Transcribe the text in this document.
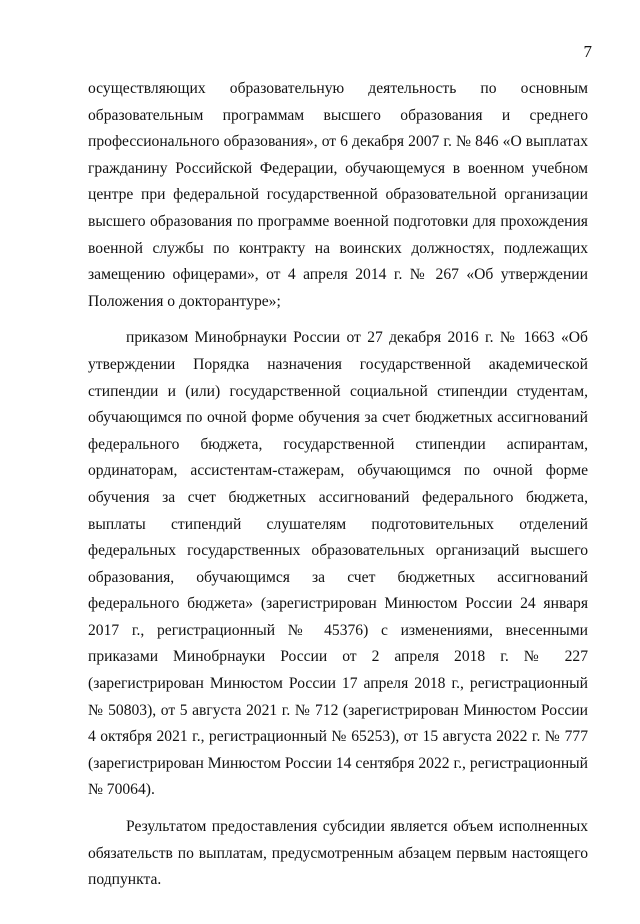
7

осуществляющих образовательную деятельность по основным образовательным программам высшего образования и среднего профессионального образования», от 6 декабря 2007 г. № 846 «О выплатах гражданину Российской Федерации, обучающемуся в военном учебном центре при федеральной государственной образовательной организации высшего образования по программе военной подготовки для прохождения военной службы по контракту на воинских должностях, подлежащих замещению офицерами», от 4 апреля 2014 г. № 267 «Об утверждении Положения о докторантуре»;

приказом Минобрнауки России от 27 декабря 2016 г. № 1663 «Об утверждении Порядка назначения государственной академической стипендии и (или) государственной социальной стипендии студентам, обучающимся по очной форме обучения за счет бюджетных ассигнований федерального бюджета, государственной стипендии аспирантам, ординаторам, ассистентам-стажерам, обучающимся по очной форме обучения за счет бюджетных ассигнований федерального бюджета, выплаты стипендий слушателям подготовительных отделений федеральных государственных образовательных организаций высшего образования, обучающимся за счет бюджетных ассигнований федерального бюджета» (зарегистрирован Минюстом России 24 января 2017 г., регистрационный № 45376) с изменениями, внесенными приказами Минобрнауки России от 2 апреля 2018 г. № 227 (зарегистрирован Минюстом России 17 апреля 2018 г., регистрационный № 50803), от 5 августа 2021 г. № 712 (зарегистрирован Минюстом России 4 октября 2021 г., регистрационный № 65253), от 15 августа 2022 г. № 777 (зарегистрирован Минюстом России 14 сентября 2022 г., регистрационный № 70064).

Результатом предоставления субсидии является объем исполненных обязательств по выплатам, предусмотренным абзацем первым настоящего подпункта.
